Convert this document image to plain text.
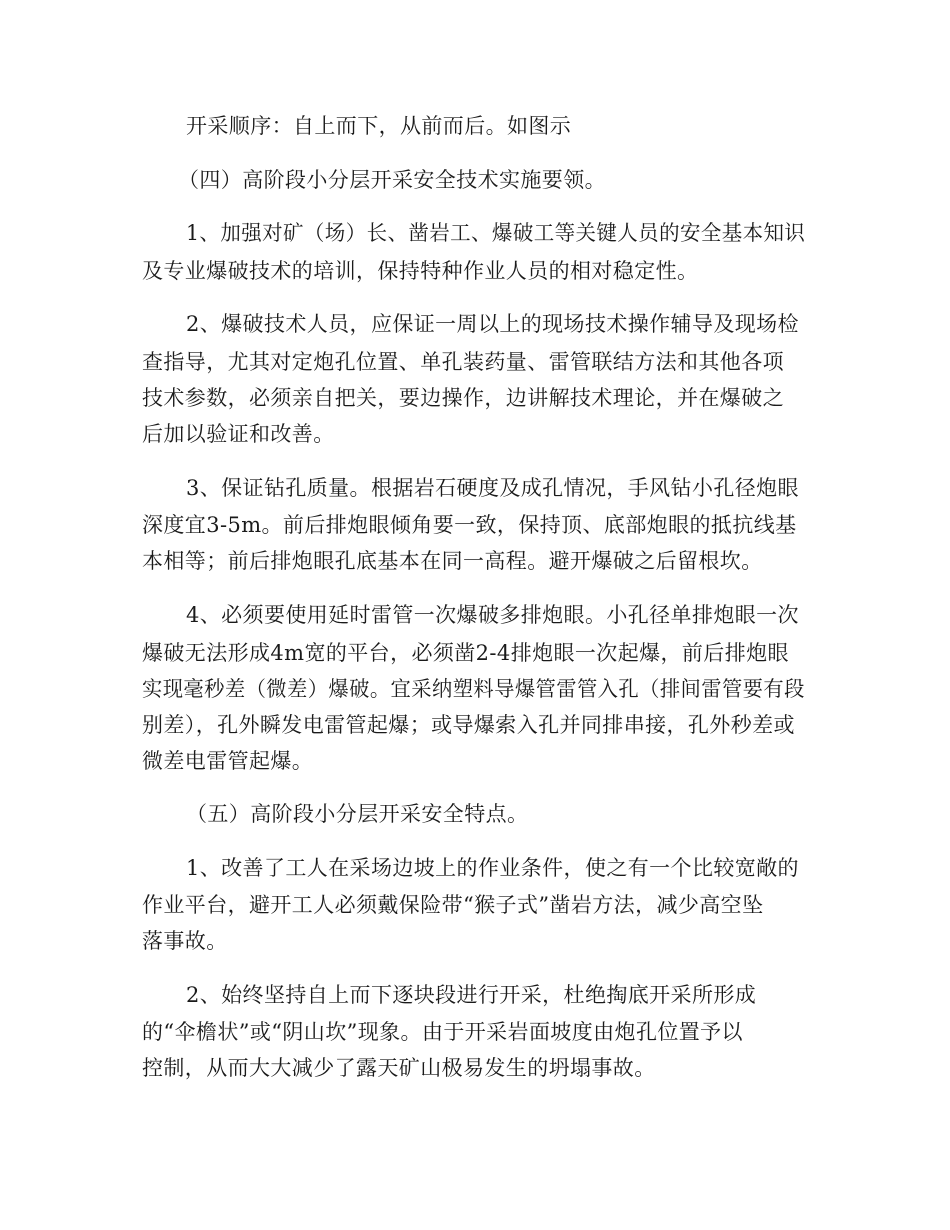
开采顺序：自上而下，从前而后。如图示
（四）高阶段小分层开采安全技术实施要领。
1、加强对矿（场）长、凿岩工、爆破工等关键人员的安全基本知识
及专业爆破技术的培训，保持特种作业人员的相对稳定性。
2、爆破技术人员，应保证一周以上的现场技术操作辅导及现场检
查指导，尤其对定炮孔位置、单孔装药量、雷管联结方法和其他各项
技术参数，必须亲自把关，要边操作，边讲解技术理论，并在爆破之
后加以验证和改善。
3、保证钻孔质量。根据岩石硬度及成孔情况，手风钻小孔径炮眼
深度宜3-5m。前后排炮眼倾角要一致，保持顶、底部炮眼的抵抗线基
本相等；前后排炮眼孔底基本在同一高程。避开爆破之后留根坎。
4、必须要使用延时雷管一次爆破多排炮眼。小孔径单排炮眼一次
爆破无法形成4m宽的平台，必须凿2-4排炮眼一次起爆，前后排炮眼
实现毫秒差（微差）爆破。宜采纳塑料导爆管雷管入孔（排间雷管要有段
别差），孔外瞬发电雷管起爆；或导爆索入孔并同排串接，孔外秒差或
微差电雷管起爆。
（五）高阶段小分层开采安全特点。
1、改善了工人在采场边坡上的作业条件，使之有一个比较宽敞的
作业平台，避开工人必须戴保险带“猴子式”凿岩方法，减少高空坠
落事故。
2、始终坚持自上而下逐块段进行开采，杜绝掏底开采所形成
的“伞檐状”或“阴山坎”现象。由于开采岩面坡度由炮孔位置予以
控制，从而大大减少了露天矿山极易发生的坍塌事故。
